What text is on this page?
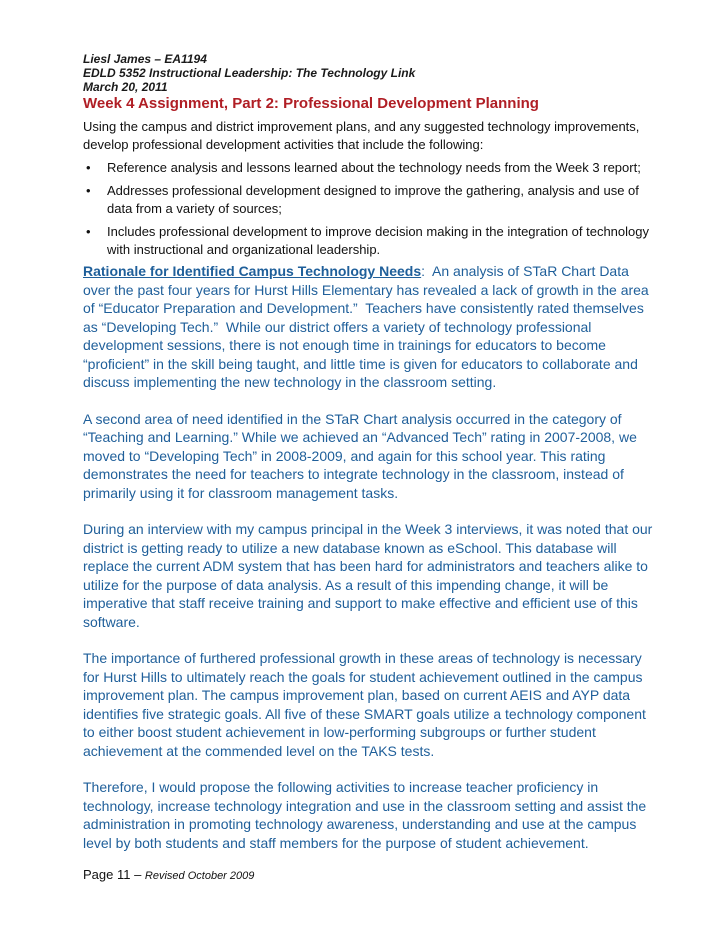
Liesl James – EA1194
EDLD 5352 Instructional Leadership: The Technology Link
March 20, 2011
Week 4 Assignment, Part 2: Professional Development Planning
Using the campus and district improvement plans, and any suggested technology improvements, develop professional development activities that include the following:
• Reference analysis and lessons learned about the technology needs from the Week 3 report;
• Addresses professional development designed to improve the gathering, analysis and use of data from a variety of sources;
• Includes professional development to improve decision making in the integration of technology with instructional and organizational leadership.

Rationale for Identified Campus Technology Needs:  An analysis of STaR Chart Data over the past four years for Hurst Hills Elementary has revealed a lack of growth in the area of “Educator Preparation and Development.”  Teachers have consistently rated themselves as “Developing Tech.”  While our district offers a variety of technology professional development sessions, there is not enough time in trainings for educators to become “proficient” in the skill being taught, and little time is given for educators to collaborate and discuss implementing the new technology in the classroom setting.

A second area of need identified in the STaR Chart analysis occurred in the category of “Teaching and Learning.” While we achieved an “Advanced Tech” rating in 2007-2008, we moved to “Developing Tech” in 2008-2009, and again for this school year. This rating demonstrates the need for teachers to integrate technology in the classroom, instead of primarily using it for classroom management tasks.

During an interview with my campus principal in the Week 3 interviews, it was noted that our district is getting ready to utilize a new database known as eSchool. This database will replace the current ADM system that has been hard for administrators and teachers alike to utilize for the purpose of data analysis. As a result of this impending change, it will be imperative that staff receive training and support to make effective and efficient use of this software.

The importance of furthered professional growth in these areas of technology is necessary for Hurst Hills to ultimately reach the goals for student achievement outlined in the campus improvement plan. The campus improvement plan, based on current AEIS and AYP data identifies five strategic goals. All five of these SMART goals utilize a technology component to either boost student achievement in low-performing subgroups or further student achievement at the commended level on the TAKS tests.

Therefore, I would propose the following activities to increase teacher proficiency in technology, increase technology integration and use in the classroom setting and assist the administration in promoting technology awareness, understanding and use at the campus level by both students and staff members for the purpose of student achievement.

Page 11 – Revised October 2009
